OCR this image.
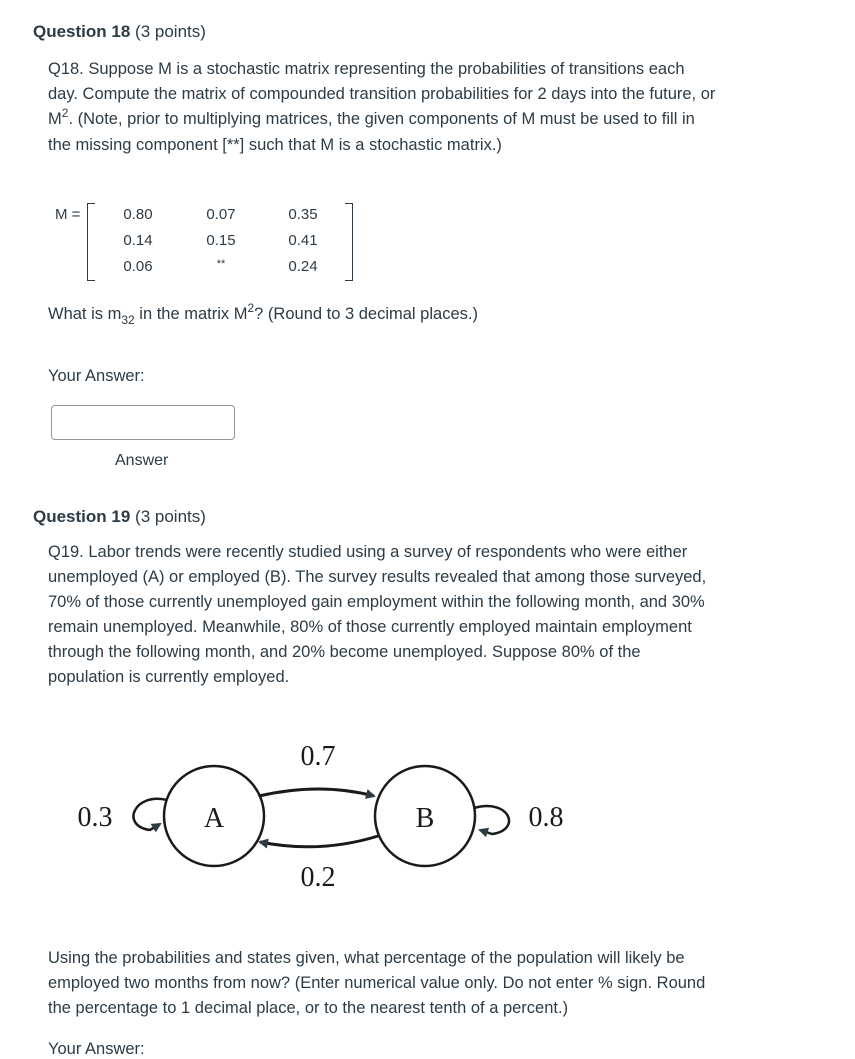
Question 18 (3 points)
Q18. Suppose M is a stochastic matrix representing the probabilities of transitions each day. Compute the matrix of compounded transition probabilities for 2 days into the future, or $M^2$. (Note, prior to multiplying matrices, the given components of M must be used to fill in the missing component [**] such that M is a stochastic matrix.)
M =	0.80	0.07	0.35
0.14	0.15	0.41
0.06	**	0.24
What is $m_{32}$ in the matrix $M^2$? (Round to 3 decimal places.)
Your Answer:
Answer
Question 19 (3 points)
Q19. Labor trends were recently studied using a survey of respondents who were either unemployed (A) or employed (B). The survey results revealed that among those surveyed, 70% of those currently unemployed gain employment within the following month, and 30% remain unemployed. Meanwhile, 80% of those currently employed maintain employment through the following month, and 20% become unemployed. Suppose 80% of the population is currently employed.
A	B
0.7
0.2
0.3	0.8
Using the probabilities and states given, what percentage of the population will likely be employed two months from now? (Enter numerical value only. Do not enter % sign. Round the percentage to 1 decimal place, or to the nearest tenth of a percent.)
Your Answer:
